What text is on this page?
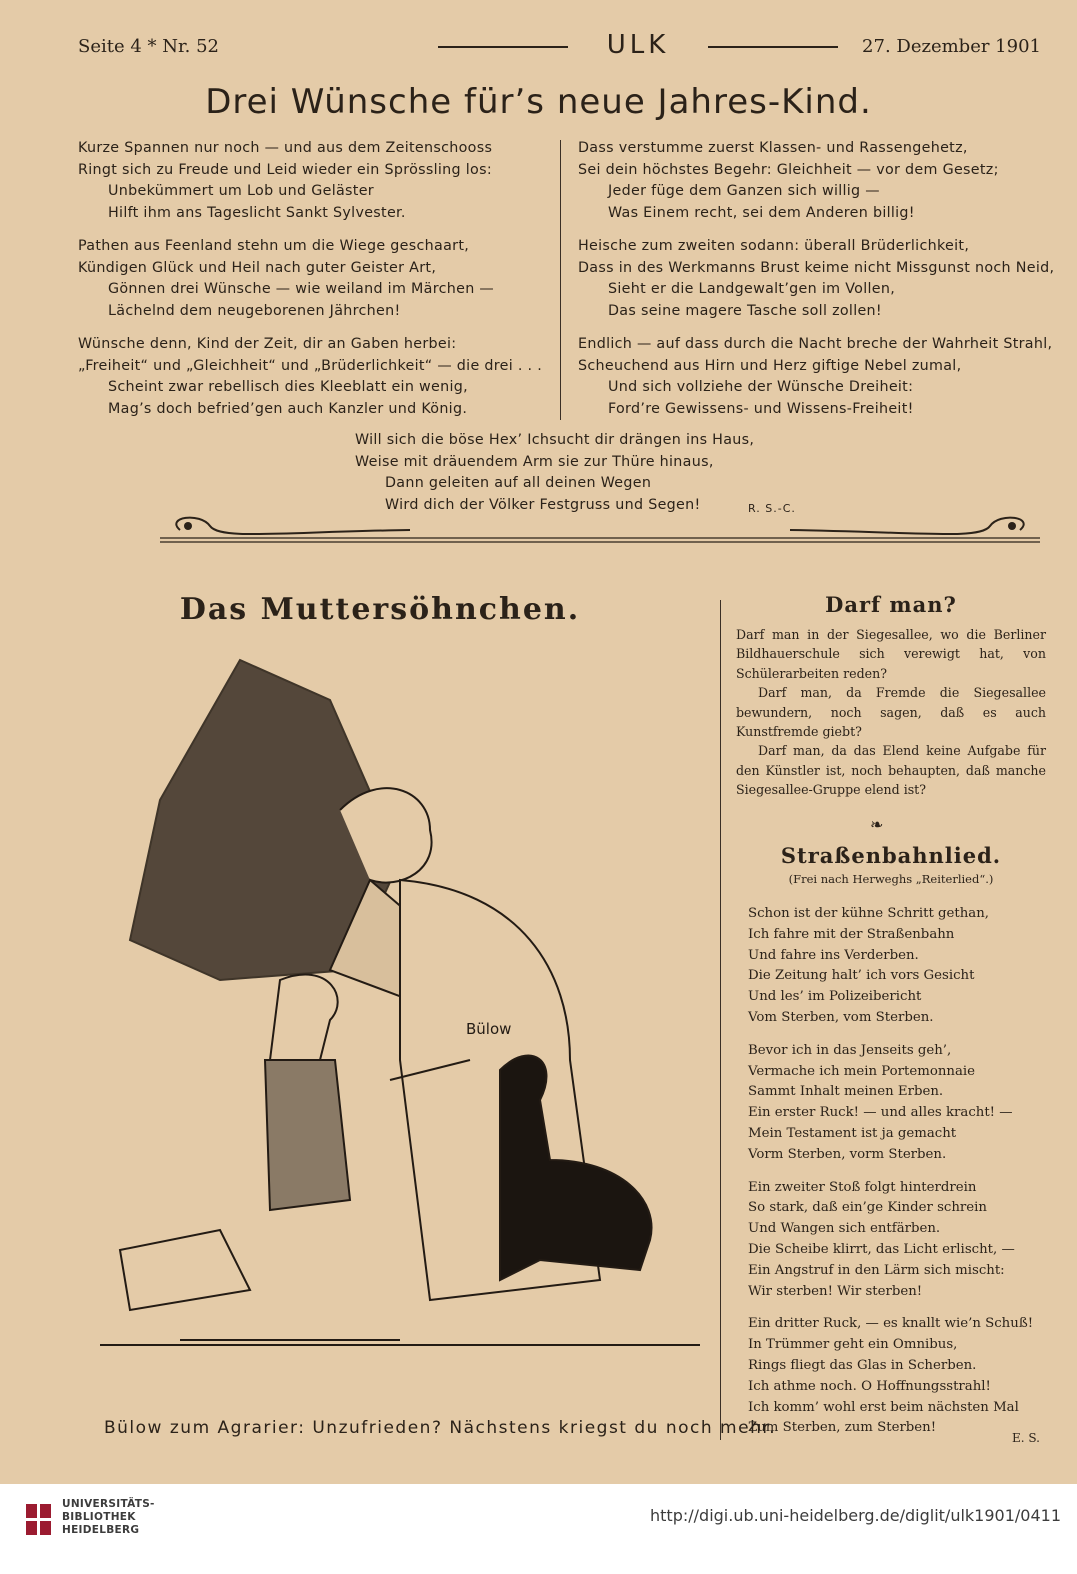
Seite 4 * Nr. 52	ULK	27. Dezember 1901
Drei Wünsche für’s neue Jahres-Kind.
Kurze Spannen nur noch — und aus dem Zeitenschooss
Ringt sich zu Freude und Leid wieder ein Sprössling los:
Unbekümmert um Lob und Geläster
Hilft ihm ans Tageslicht Sankt Sylvester.
Pathen aus Feenland stehn um die Wiege geschaart,
Kündigen Glück und Heil nach guter Geister Art,
Gönnen drei Wünsche — wie weiland im Märchen —
Lächelnd dem neugeborenen Jährchen!
Wünsche denn, Kind der Zeit, dir an Gaben herbei:
„Freiheit“ und „Gleichheit“ und „Brüderlichkeit“ — die drei . . .
Scheint zwar rebellisch dies Kleeblatt ein wenig,
Mag’s doch befried’gen auch Kanzler und König.
Dass verstumme zuerst Klassen- und Rassengehetz,
Sei dein höchstes Begehr: Gleichheit — vor dem Gesetz;
Jeder füge dem Ganzen sich willig —
Was Einem recht, sei dem Anderen billig!
Heische zum zweiten sodann: überall Brüderlichkeit,
Dass in des Werkmanns Brust keime nicht Missgunst noch Neid,
Sieht er die Landgewalt’gen im Vollen,
Das seine magere Tasche soll zollen!
Endlich — auf dass durch die Nacht breche der Wahrheit Strahl,
Scheuchend aus Hirn und Herz giftige Nebel zumal,
Und sich vollziehe der Wünsche Dreiheit:
Ford’re Gewissens- und Wissens-Freiheit!
Will sich die böse Hex’ Ichsucht dir drängen ins Haus,
Weise mit dräuendem Arm sie zur Thüre hinaus,
Dann geleiten auf all deinen Wegen
Wird dich der Völker Festgruss und Segen!	R. S.-C.
Das Muttersöhnchen.
Bülow
Bülow zum Agrarier: Unzufrieden? Nächstens kriegst du noch mehr.
Darf man?

Darf man in der Siegesallee, wo die Berliner Bildhauerschule sich verewigt hat, von Schülerarbeiten reden?

Darf man, da Fremde die Siegesallee bewundern, noch sagen, daß es auch Kunstfremde giebt?

Darf man, da das Elend keine Aufgabe für den Künstler ist, noch behaupten, daß manche Siegesallee-Gruppe elend ist?

❧
Straßenbahnlied.
(Frei nach Herweghs „Reiterlied“.)
Schon ist der kühne Schritt gethan,
Ich fahre mit der Straßenbahn
Und fahre ins Verderben.
Die Zeitung halt’ ich vors Gesicht
Und les’ im Polizeibericht
Vom Sterben, vom Sterben.
Bevor ich in das Jenseits geh’,
Vermache ich mein Portemonnaie
Sammt Inhalt meinen Erben.
Ein erster Ruck! — und alles kracht! —
Mein Testament ist ja gemacht
Vorm Sterben, vorm Sterben.
Ein zweiter Stoß folgt hinterdrein
So stark, daß ein’ge Kinder schrein
Und Wangen sich entfärben.
Die Scheibe klirrt, das Licht erlischt, —
Ein Angstruf in den Lärm sich mischt:
Wir sterben! Wir sterben!
Ein dritter Ruck, — es knallt wie’n Schuß!
In Trümmer geht ein Omnibus,
Rings fliegt das Glas in Scherben.
Ich athme noch. O Hoffnungsstrahl!
Ich komm’ wohl erst beim nächsten Mal
Zum Sterben, zum Sterben!
E. S.
UNIVERSITÄTS-
BIBLIOTHEK
HEIDELBERG
http://digi.ub.uni-heidelberg.de/diglit/ulk1901/0411
